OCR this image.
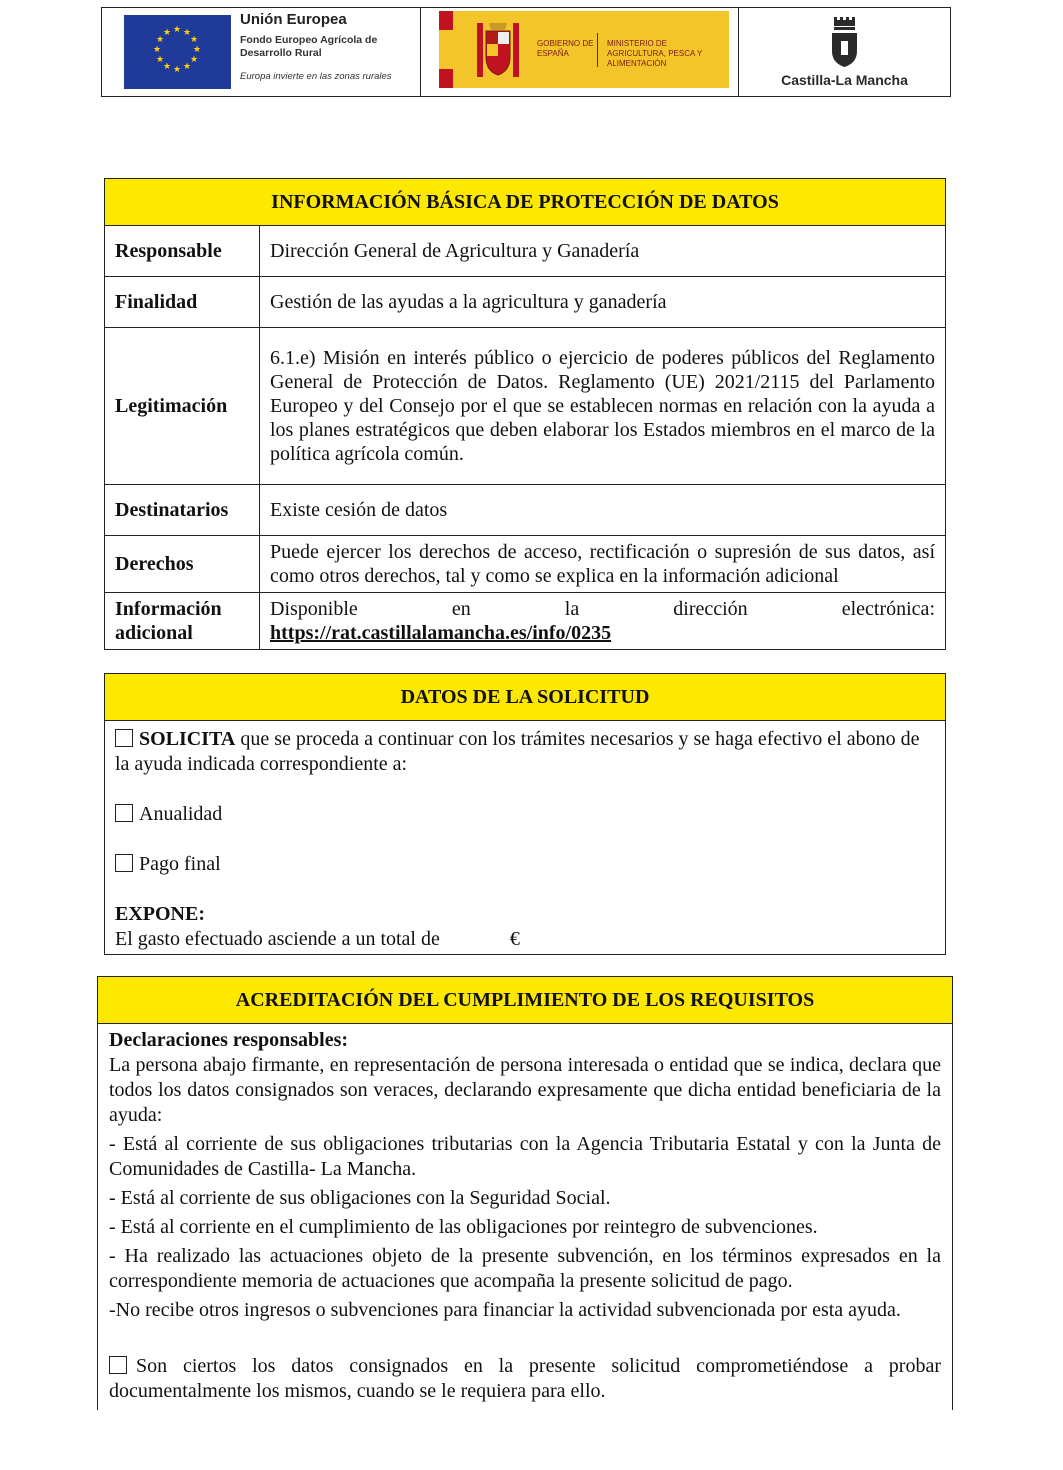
★ ★
★
★
★
★
★
★
★
★
★
★
Unión Europea
Fondo Europeo Agrícola de Desarrollo Rural
Europa invierte en las zonas rurales
GOBIERNO DE ESPAÑA
MINISTERIO DE AGRICULTURA, PESCA Y ALIMENTACIÓN
Castilla-La Mancha
INFORMACIÓN BÁSICA DE PROTECCIÓN DE DATOS	
Responsable	Dirección General de Agricultura y Ganadería
Finalidad	Gestión de las ayudas a la agricultura y ganadería
Legitimación	6.1.e) Misión en interés público o ejercicio de poderes públicos del Reglamento General de Protección de Datos. Reglamento (UE) 2021/2115 del Parlamento Europeo y del Consejo por el que se establecen normas en relación con la ayuda a los planes estratégicos que deben elaborar los Estados miembros en el marco de la política agrícola común.
Destinatarios	Existe cesión de datos
Derechos	Puede ejercer los derechos de acceso, rectificación o supresión de sus datos, así como otros derechos, tal y como se explica en la información adicional
Información adicional	Disponible en la dirección electrónica:
https://rat.castillalamancha.es/info/0235
DATOS DE LA SOLICITUD

SOLICITA que se proceda a continuar con los trámites necesarios y se haga efectivo el abono de la ayuda indicada correspondiente a:

Anualidad

Pago final

EXPONE:

El gasto efectuado asciende a un total de	€

ACREDITACIÓN DEL CUMPLIMIENTO DE LOS REQUISITOS

Declaraciones responsables:

La persona abajo firmante, en representación de persona interesada o entidad que se indica, declara que todos los datos consignados son veraces, declarando expresamente que dicha entidad beneficiaria de la ayuda:

- Está al corriente de sus obligaciones tributarias con la Agencia Tributaria Estatal y con la Junta de Comunidades de Castilla- La Mancha.

- Está al corriente de sus obligaciones con la Seguridad Social.

- Está al corriente en el cumplimiento de las obligaciones por reintegro de subvenciones.

- Ha realizado las actuaciones objeto de la presente subvención, en los términos expresados en la correspondiente memoria de actuaciones que acompaña la presente solicitud de pago.

-No recibe otros ingresos o subvenciones para financiar la actividad subvencionada por esta ayuda.

Son ciertos los datos consignados en la presente solicitud comprometiéndose a probar documentalmente los mismos, cuando se le requiera para ello.
